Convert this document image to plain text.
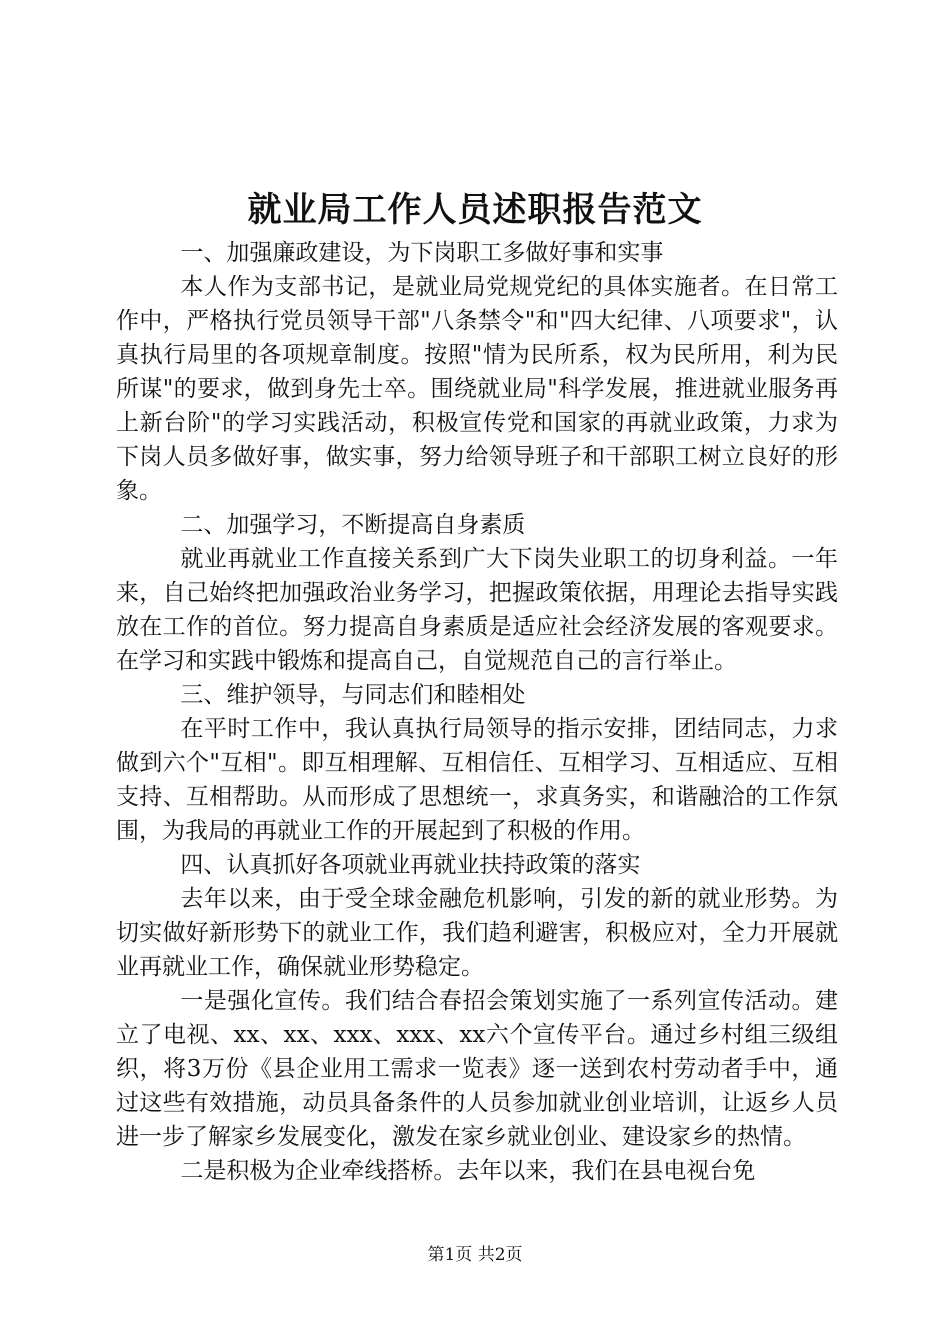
就业局工作人员述职报告范文

一、加强廉政建设，为下岗职工多做好事和实事

本人作为支部书记，是就业局党规党纪的具体实施者。在日常工作中，严格执行党员领导干部"八条禁令"和"四大纪律、八项要求"，认真执行局里的各项规章制度。按照"情为民所系，权为民所用，利为民所谋"的要求，做到身先士卒。围绕就业局"科学发展，推进就业服务再上新台阶"的学习实践活动，积极宣传党和国家的再就业政策，力求为下岗人员多做好事，做实事，努力给领导班子和干部职工树立良好的形象。

二、加强学习，不断提高自身素质

就业再就业工作直接关系到广大下岗失业职工的切身利益。一年来，自己始终把加强政治业务学习，把握政策依据，用理论去指导实践放在工作的首位。努力提高自身素质是适应社会经济发展的客观要求。在学习和实践中锻炼和提高自己，自觉规范自己的言行举止。

三、维护领导，与同志们和睦相处

在平时工作中，我认真执行局领导的指示安排，团结同志，力求做到六个"互相"。即互相理解、互相信任、互相学习、互相适应、互相支持、互相帮助。从而形成了思想统一，求真务实，和谐融洽的工作氛围，为我局的再就业工作的开展起到了积极的作用。

四、认真抓好各项就业再就业扶持政策的落实

去年以来，由于受全球金融危机影响，引发的新的就业形势。为切实做好新形势下的就业工作，我们趋利避害，积极应对，全力开展就业再就业工作，确保就业形势稳定。

一是强化宣传。我们结合春招会策划实施了一系列宣传活动。建立了电视、xx、xx、xxx、xxx、xx六个宣传平台。通过乡村组三级组织，将3万份《县企业用工需求一览表》逐一送到农村劳动者手中，通过这些有效措施，动员具备条件的人员参加就业创业培训，让返乡人员进一步了解家乡发展变化，激发在家乡就业创业、建设家乡的热情。

二是积极为企业牵线搭桥。去年以来，我们在县电视台免

第1页 共2页
